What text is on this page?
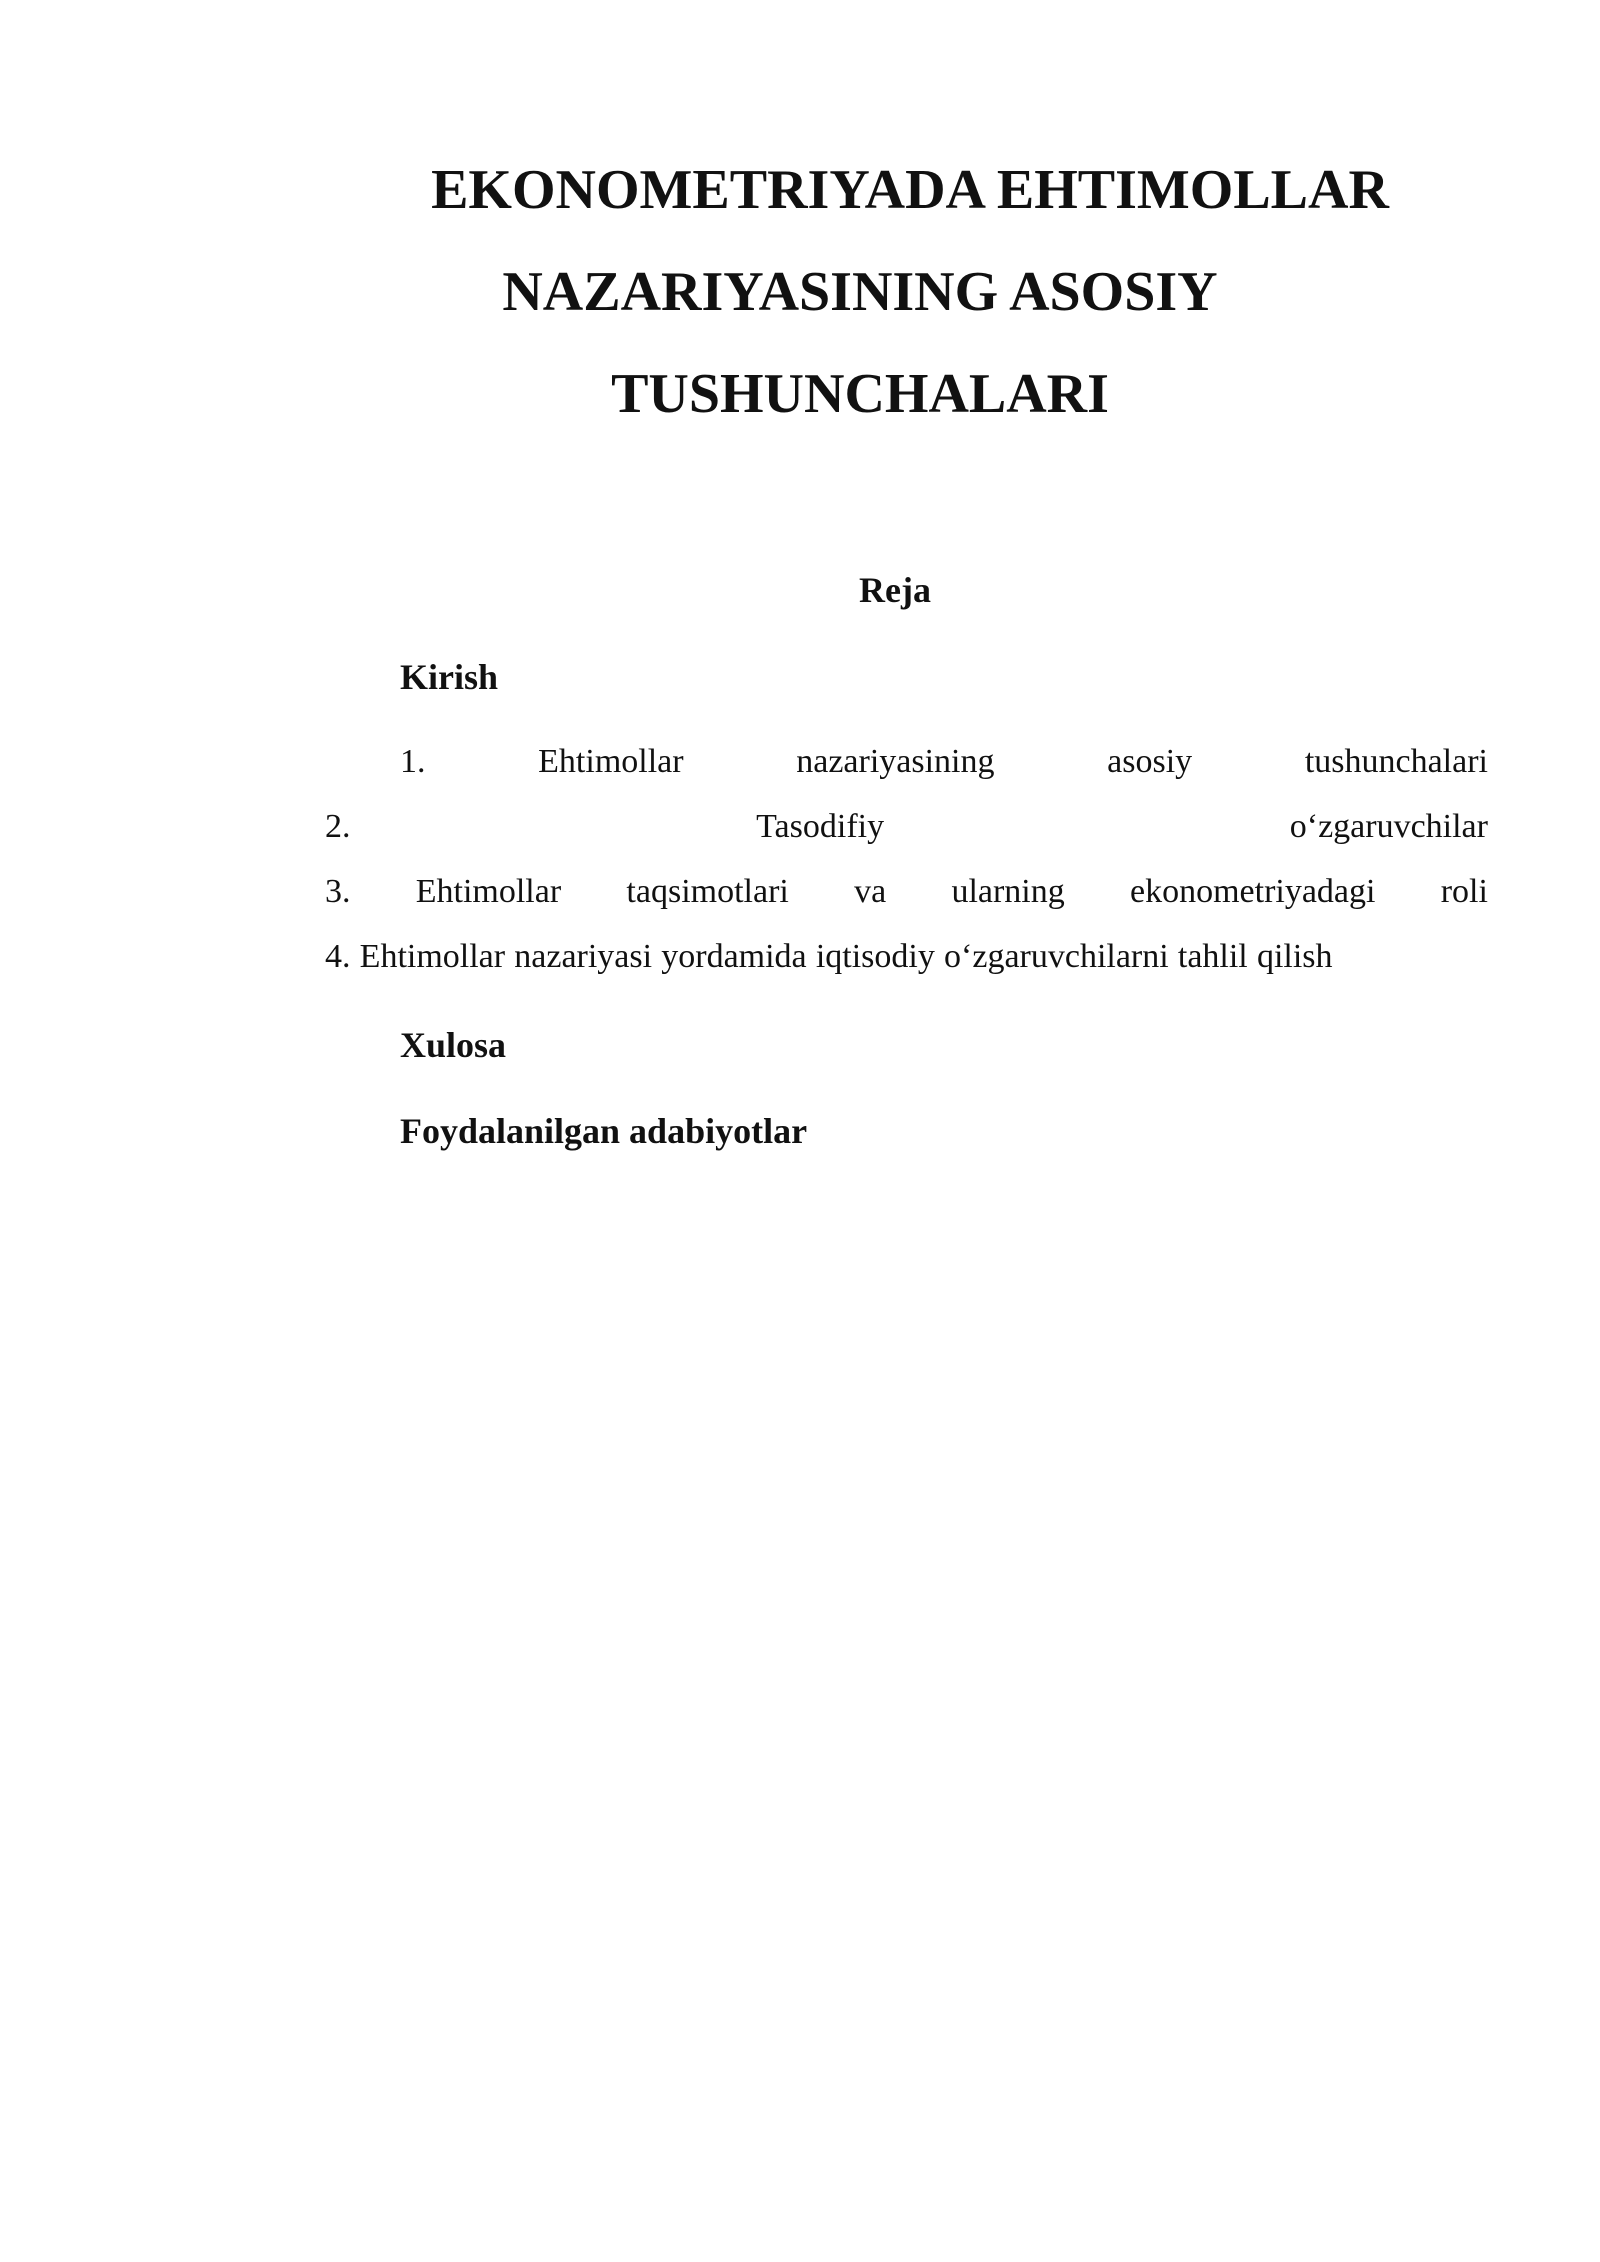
EKONOMETRIYADA EHTIMOLLAR
NAZARIYASINING ASOSIY
TUSHUNCHALARI
Reja
Kirish
1.	Ehtimollar	nazariyasining	asosiy	tushunchalari
2.	Tasodifiy	o‘zgaruvchilar
3. Ehtimollar taqsimotlari va ularning ekonometriyadagi roli
4. Ehtimollar nazariyasi yordamida iqtisodiy o‘zgaruvchilarni tahlil qilish
Xulosa
Foydalanilgan adabiyotlar
